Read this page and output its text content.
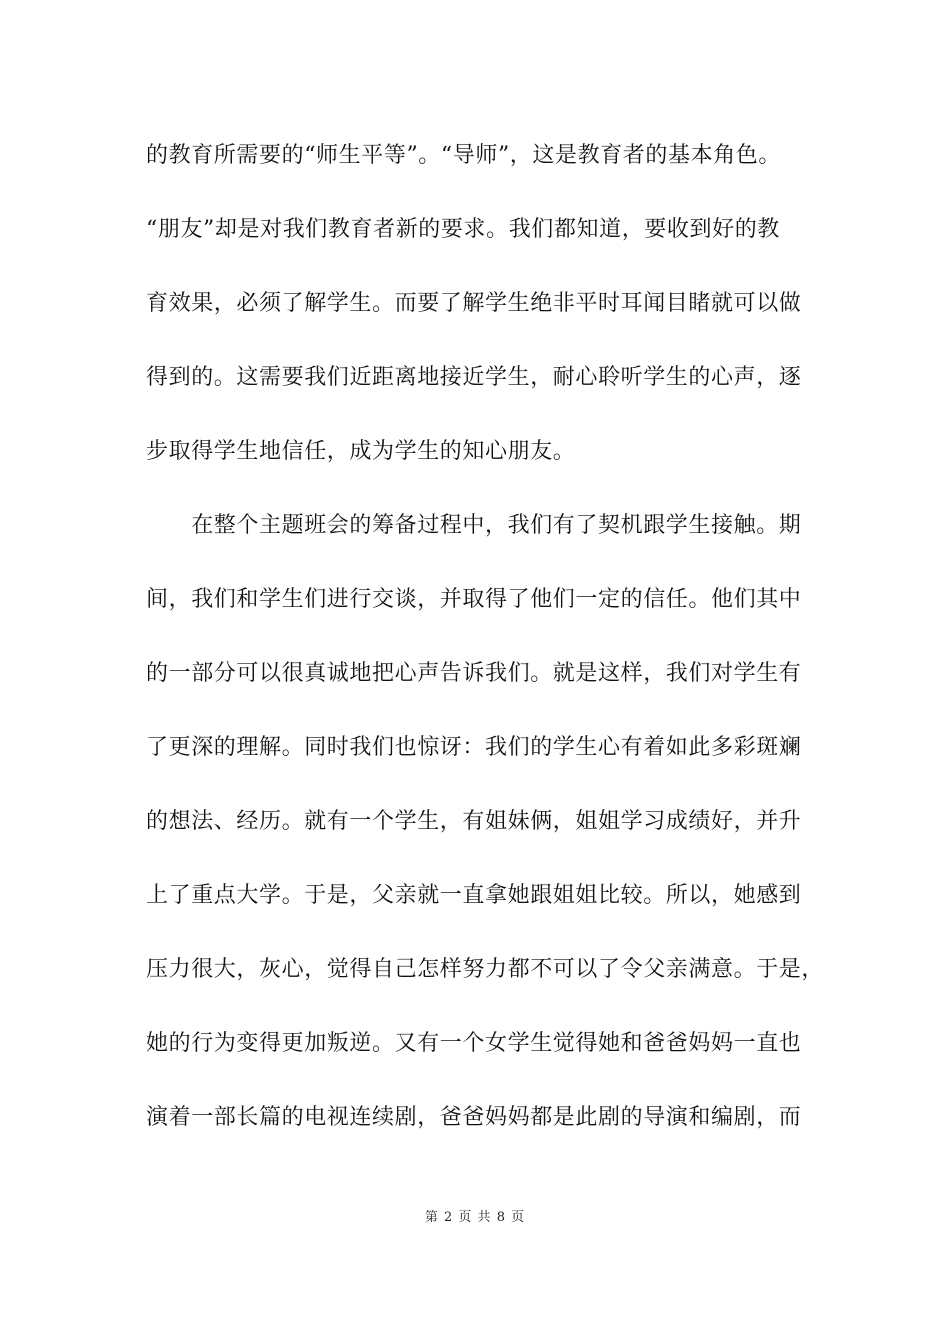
的教育所需要的“师生平等”。“导师”，这是教育者的基本角色。
“朋友”却是对我们教育者新的要求。我们都知道，要收到好的教
育效果，必须了解学生。而要了解学生绝非平时耳闻目睹就可以做
得到的。这需要我们近距离地接近学生，耐心聆听学生的心声，逐
步取得学生地信任，成为学生的知心朋友。
　　在整个主题班会的筹备过程中，我们有了契机跟学生接触。期
间，我们和学生们进行交谈，并取得了他们一定的信任。他们其中
的一部分可以很真诚地把心声告诉我们。就是这样，我们对学生有
了更深的理解。同时我们也惊讶：我们的学生心有着如此多彩斑斓
的想法、经历。就有一个学生，有姐妹俩，姐姐学习成绩好，并升
上了重点大学。于是，父亲就一直拿她跟姐姐比较。所以，她感到
压力很大，灰心，觉得自己怎样努力都不可以了令父亲满意。于是，
她的行为变得更加叛逆。又有一个女学生觉得她和爸爸妈妈一直也
演着一部长篇的电视连续剧，爸爸妈妈都是此剧的导演和编剧，而
第 2 页 共 8 页
